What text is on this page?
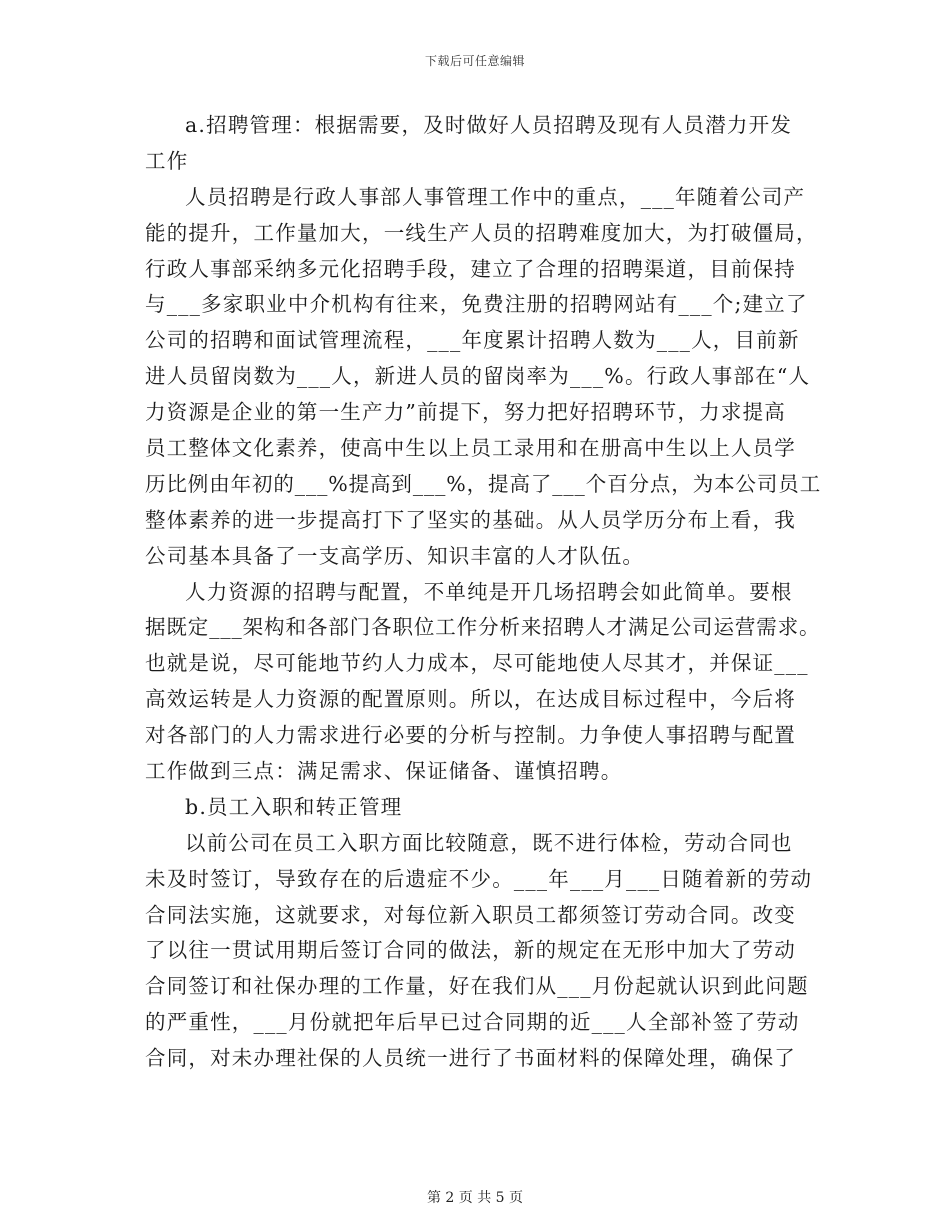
下载后可任意编辑
a.招聘管理：根据需要，及时做好人员招聘及现有人员潜力开发
工作
人员招聘是行政人事部人事管理工作中的重点，___年随着公司产
能的提升，工作量加大，一线生产人员的招聘难度加大，为打破僵局，
行政人事部采纳多元化招聘手段，建立了合理的招聘渠道，目前保持
与___多家职业中介机构有往来，免费注册的招聘网站有___个;建立了
公司的招聘和面试管理流程，___年度累计招聘人数为___人，目前新
进人员留岗数为___人，新进人员的留岗率为___%。行政人事部在“人
力资源是企业的第一生产力”前提下，努力把好招聘环节，力求提高
员工整体文化素养，使高中生以上员工录用和在册高中生以上人员学
历比例由年初的___%提高到___%，提高了___个百分点，为本公司员工
整体素养的进一步提高打下了坚实的基础。从人员学历分布上看，我
公司基本具备了一支高学历、知识丰富的人才队伍。
人力资源的招聘与配置，不单纯是开几场招聘会如此简单。要根
据既定___架构和各部门各职位工作分析来招聘人才满足公司运营需求。
也就是说，尽可能地节约人力成本，尽可能地使人尽其才，并保证___
高效运转是人力资源的配置原则。所以，在达成目标过程中，今后将
对各部门的人力需求进行必要的分析与控制。力争使人事招聘与配置
工作做到三点：满足需求、保证储备、谨慎招聘。
b.员工入职和转正管理
以前公司在员工入职方面比较随意，既不进行体检，劳动合同也
未及时签订，导致存在的后遗症不少。___年___月___日随着新的劳动
合同法实施，这就要求，对每位新入职员工都须签订劳动合同。改变
了以往一贯试用期后签订合同的做法，新的规定在无形中加大了劳动
合同签订和社保办理的工作量，好在我们从___月份起就认识到此问题
的严重性，___月份就把年后早已过合同期的近___人全部补签了劳动
合同，对未办理社保的人员统一进行了书面材料的保障处理，确保了
第 2 页 共 5 页
